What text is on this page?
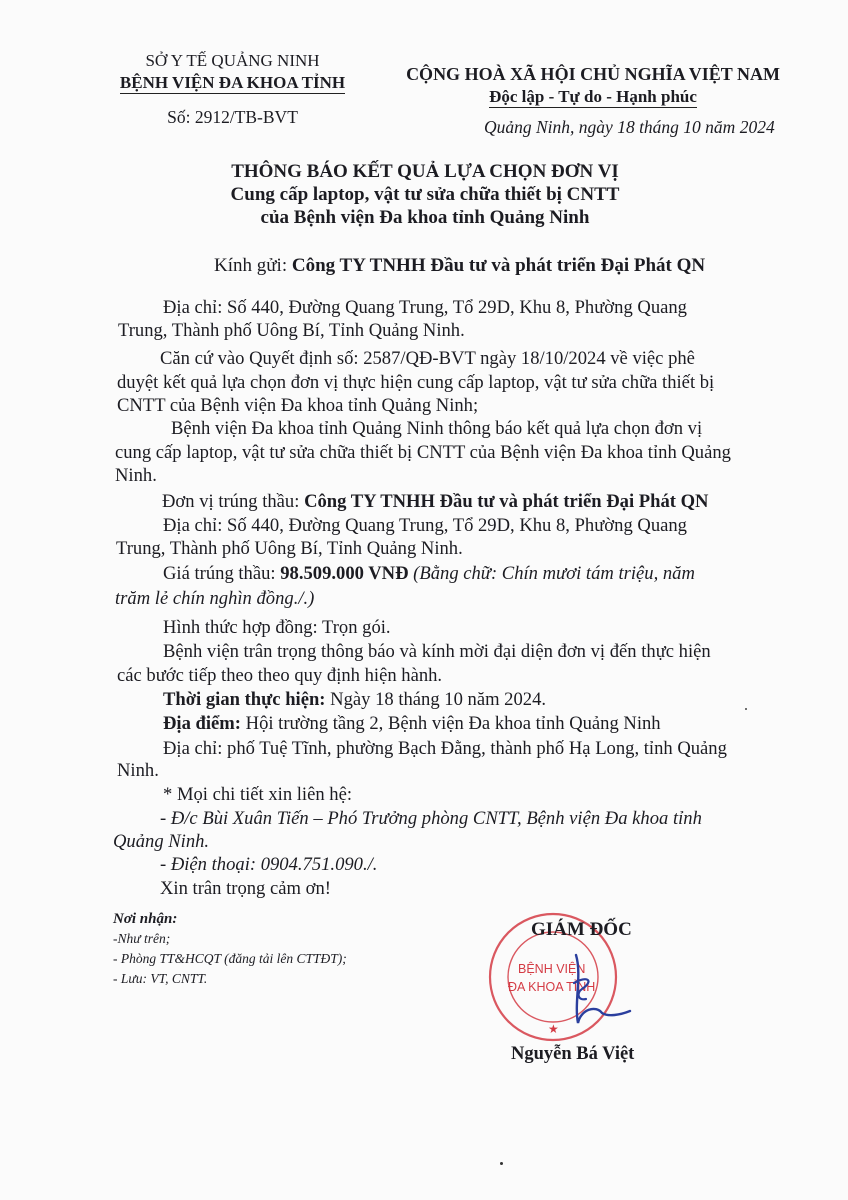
SỞ Y TẾ QUẢNG NINH
BỆNH VIỆN ĐA KHOA TỈNH
Số: 2912/TB-BVT
CỘNG HOÀ XÃ HỘI CHỦ NGHĨA VIỆT NAM
Độc lập - Tự do - Hạnh phúc
Quảng Ninh, ngày 18 tháng 10 năm 2024
THÔNG BÁO KẾT QUẢ LỰA CHỌN ĐƠN VỊ
Cung cấp laptop, vật tư sửa chữa thiết bị CNTT
của Bệnh viện Đa khoa tỉnh Quảng Ninh
Kính gửi: Công TY TNHH Đầu tư và phát triển Đại Phát QN
Địa chỉ: Số 440, Đường Quang Trung, Tổ 29D, Khu 8, Phường Quang
Trung, Thành phố Uông Bí, Tỉnh Quảng Ninh.
Căn cứ vào Quyết định số: 2587/QĐ-BVT ngày 18/10/2024 về việc phê
duyệt kết quả lựa chọn đơn vị thực hiện cung cấp laptop, vật tư sửa chữa thiết bị
CNTT của Bệnh viện Đa khoa tỉnh Quảng Ninh;
Bệnh viện Đa khoa tỉnh Quảng Ninh thông báo kết quả lựa chọn đơn vị
cung cấp laptop, vật tư sửa chữa thiết bị CNTT của Bệnh viện Đa khoa tỉnh Quảng
Ninh.
Đơn vị trúng thầu: Công TY TNHH Đầu tư và phát triển Đại Phát QN
Địa chỉ: Số 440, Đường Quang Trung, Tổ 29D, Khu 8, Phường Quang
Trung, Thành phố Uông Bí, Tỉnh Quảng Ninh.
Giá trúng thầu: 98.509.000 VNĐ (Bằng chữ: Chín mươi tám triệu, năm
trăm lẻ chín nghìn đồng./.)
Hình thức hợp đồng: Trọn gói.
Bệnh viện trân trọng thông báo và kính mời đại diện đơn vị đến thực hiện
các bước tiếp theo theo quy định hiện hành.
Thời gian thực hiện: Ngày 18 tháng 10 năm 2024.
Địa điểm: Hội trường tầng 2, Bệnh viện Đa khoa tỉnh Quảng Ninh
Địa chỉ: phố Tuệ Tĩnh, phường Bạch Đằng, thành phố Hạ Long, tỉnh Quảng
Ninh.
* Mọi chi tiết xin liên hệ:
- Đ/c Bùi Xuân Tiến – Phó Trưởng phòng CNTT, Bệnh viện Đa khoa tỉnh
Quảng Ninh.
- Điện thoại: 0904.751.090./.
Xin trân trọng cảm ơn!
Nơi nhận:
-Như trên;
- Phòng TT&HCQT (đăng tải lên CTTĐT);
- Lưu: VT, CNTT.
BỆNH VIỆN
ĐA KHOA TỈNH
★
GIÁM ĐỐC
Nguyễn Bá Việt
